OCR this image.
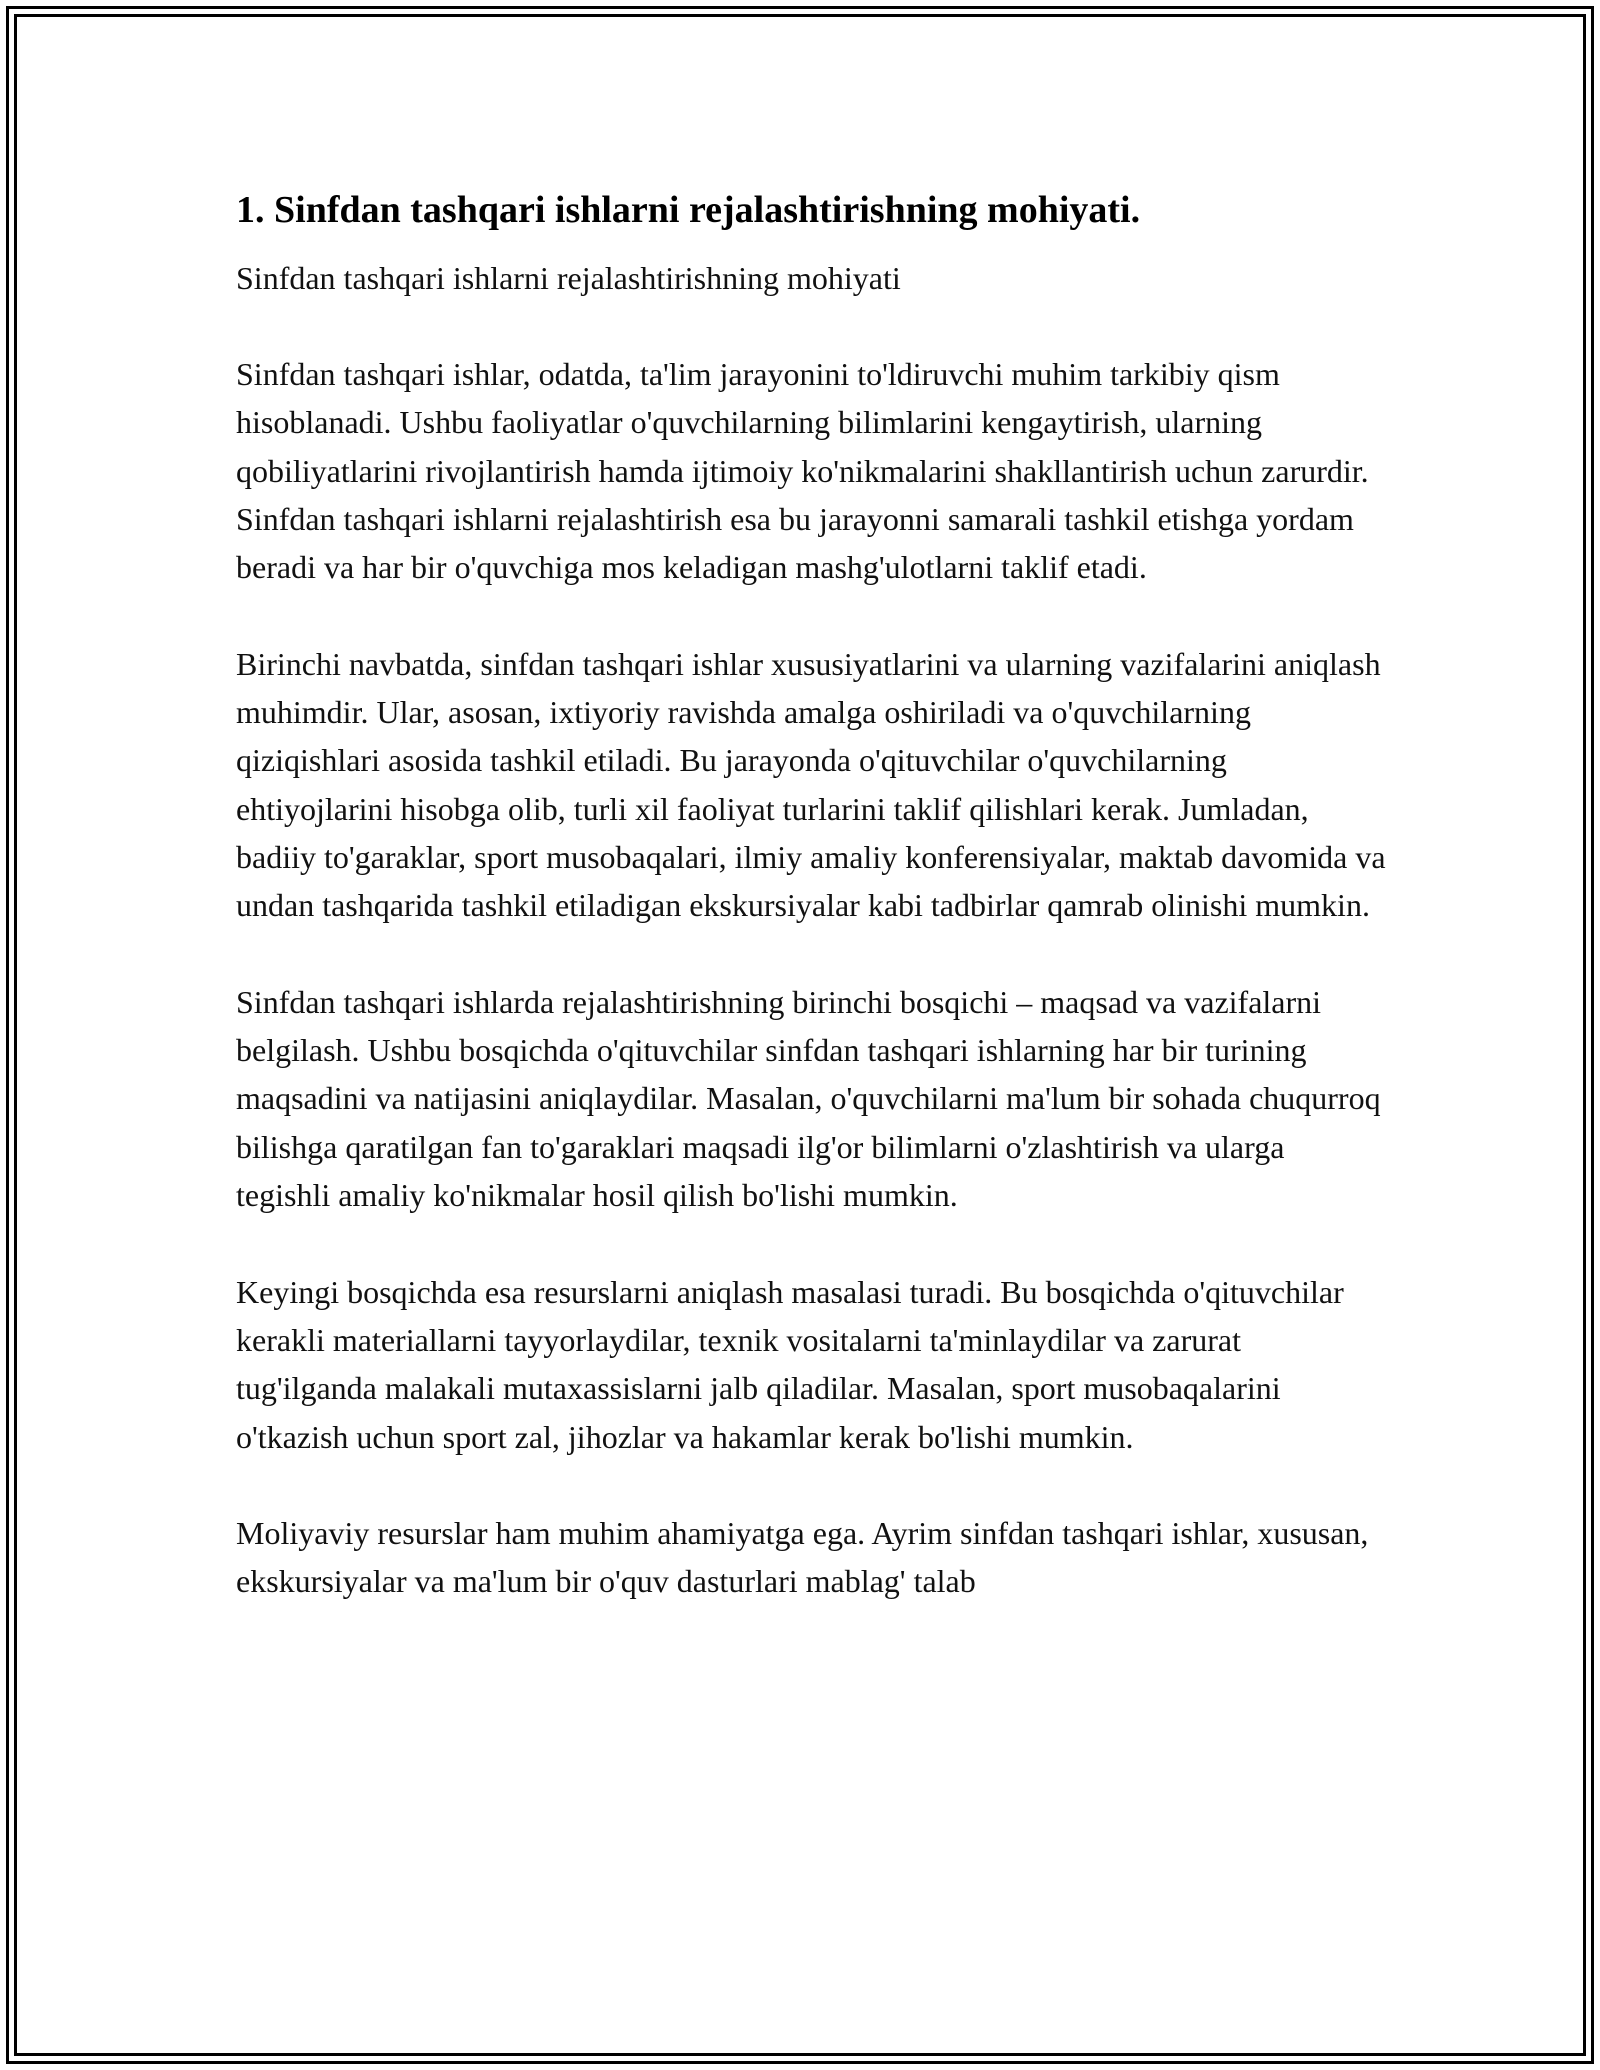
1. Sinfdan tashqari ishlarni rejalashtirishning mohiyati.

Sinfdan tashqari ishlarni rejalashtirishning mohiyati

Sinfdan tashqari ishlar, odatda, ta'lim jarayonini to'ldiruvchi muhim tarkibiy qism hisoblanadi. Ushbu faoliyatlar o'quvchilarning bilimlarini kengaytirish, ularning qobiliyatlarini rivojlantirish hamda ijtimoiy ko'nikmalarini shakllantirish uchun zarurdir. Sinfdan tashqari ishlarni rejalashtirish esa bu jarayonni samarali tashkil etishga yordam beradi va har bir o'quvchiga mos keladigan mashg'ulotlarni taklif etadi.

Birinchi navbatda, sinfdan tashqari ishlar xususiyatlarini va ularning vazifalarini aniqlash muhimdir. Ular, asosan, ixtiyoriy ravishda amalga oshiriladi va o'quvchilarning qiziqishlari asosida tashkil etiladi. Bu jarayonda o'qituvchilar o'quvchilarning ehtiyojlarini hisobga olib, turli xil faoliyat turlarini taklif qilishlari kerak. Jumladan, badiiy to'garaklar, sport musobaqalari, ilmiy amaliy konferensiyalar, maktab davomida va undan tashqarida tashkil etiladigan ekskursiyalar kabi tadbirlar qamrab olinishi mumkin.

Sinfdan tashqari ishlarda rejalashtirishning birinchi bosqichi – maqsad va vazifalarni belgilash. Ushbu bosqichda o'qituvchilar sinfdan tashqari ishlarning har bir turining maqsadini va natijasini aniqlaydilar. Masalan, o'quvchilarni ma'lum bir sohada chuqurroq bilishga qaratilgan fan to'garaklari maqsadi ilg'or bilimlarni o'zlashtirish va ularga tegishli amaliy ko'nikmalar hosil qilish bo'lishi mumkin.

Keyingi bosqichda esa resurslarni aniqlash masalasi turadi. Bu bosqichda o'qituvchilar kerakli materiallarni tayyorlaydilar, texnik vositalarni ta'minlaydilar va zarurat tug'ilganda malakali mutaxassislarni jalb qiladilar. Masalan, sport musobaqalarini o'tkazish uchun sport zal, jihozlar va hakamlar kerak bo'lishi mumkin.

Moliyaviy resurslar ham muhim ahamiyatga ega. Ayrim sinfdan tashqari ishlar, xususan, ekskursiyalar va ma'lum bir o'quv dasturlari mablag' talab
